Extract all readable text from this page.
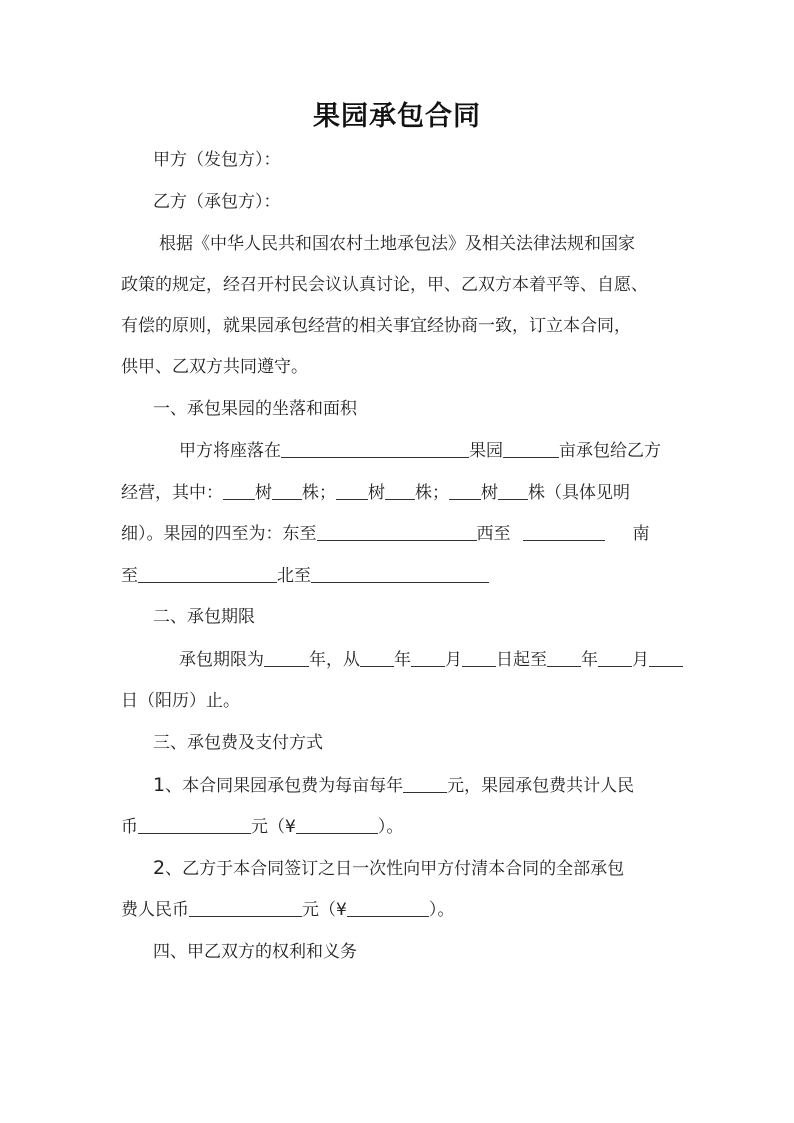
果园承包合同
甲方（发包方）：
乙方（承包方）：
根据《中华人民共和国农村土地承包法》及相关法律法规和国家
政策的规定，经召开村民会议认真讨论，甲、乙双方本着平等、自愿、
有偿的原则，就果园承包经营的相关事宜经协商一致，订立本合同，
供甲、乙双方共同遵守。
一、承包果园的坐落和面积
甲方将座落在	果园	亩承包给乙方
经营，其中： 树 株； 树 株； 树 株（具体见明
细）。果园的四至为：东至	西至	南
至	北至
二、承包期限
承包期限为	年，从 年 月 日起至 年 月
日（阳历）止。
三、承包费及支付方式
1、本合同果园承包费为每亩每年	元，果园承包费共计人民
币	元（¥	）。
2、乙方于本合同签订之日一次性向甲方付清本合同的全部承包
费人民币	元（¥	）。
四、甲乙双方的权利和义务
